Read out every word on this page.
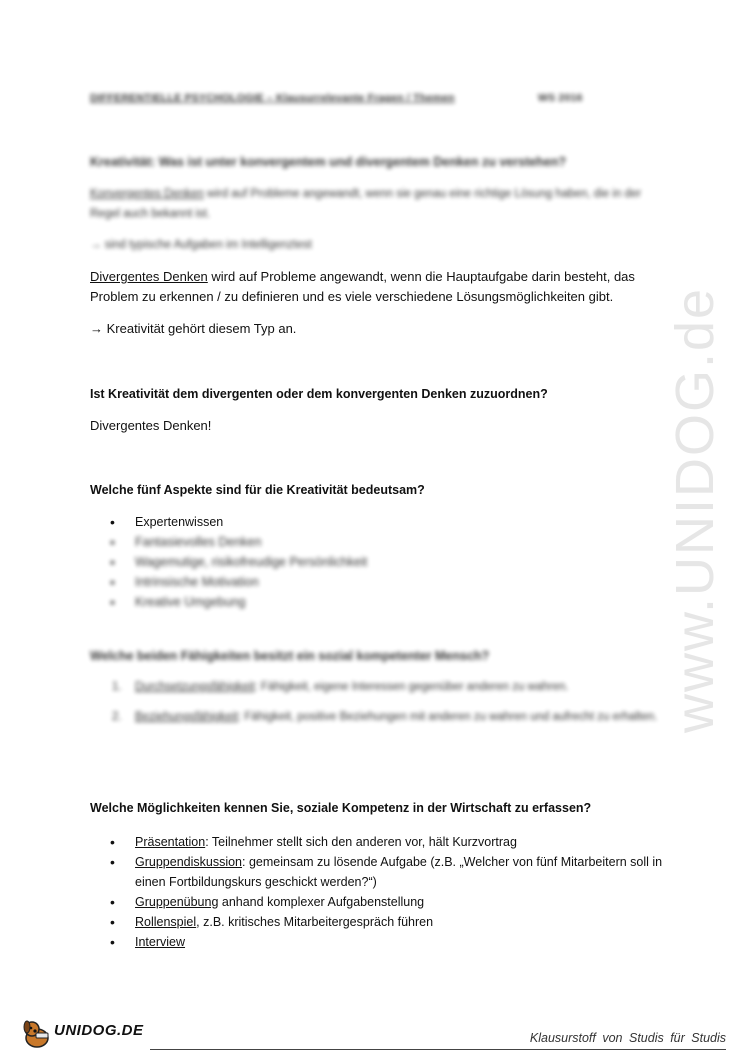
www.UNIDOG.de
DIFFERENTIELLE PSYCHOLOGIE – Klausurrelevante Fragen / Themen	WS 2016
Kreativität: Was ist unter konvergentem und divergentem Denken zu verstehen?
Konvergentes Denken wird auf Probleme angewandt, wenn sie genau eine richtige Lösung haben, die in der Regel auch bekannt ist.
→ sind typische Aufgaben im Intelligenztest
Divergentes Denken wird auf Probleme angewandt, wenn die Hauptaufgabe darin besteht, das Problem zu erkennen / zu definieren und es viele verschiedene Lösungsmöglichkeiten gibt.
→ Kreativität gehört diesem Typ an.
Ist Kreativität dem divergenten oder dem konvergenten Denken zuzuordnen?
Divergentes Denken!
Welche fünf Aspekte sind für die Kreativität bedeutsam?
• Expertenwissen
• Fantasievolles Denken
• Wagemutige, risikofreudige Persönlichkeit
• Intrinsische Motivation
• Kreative Umgebung
Welche beiden Fähigkeiten besitzt ein sozial kompetenter Mensch?
1. Durchsetzungsfähigkeit: Fähigkeit, eigene Interessen gegenüber anderen zu wahren.
2. Beziehungsfähigkeit: Fähigkeit, positive Beziehungen mit anderen zu wahren und aufrecht zu erhalten.
Welche Möglichkeiten kennen Sie, soziale Kompetenz in der Wirtschaft zu erfassen?
• Präsentation: Teilnehmer stellt sich den anderen vor, hält Kurzvortrag
• Gruppendiskussion: gemeinsam zu lösende Aufgabe (z.B. „Welcher von fünf Mitarbeitern soll in einen Fortbildungskurs geschickt werden?“)
• Gruppenübung anhand komplexer Aufgabenstellung
• Rollenspiel, z.B. kritisches Mitarbeitergespräch führen
• Interview
UNIDOG.DE	Klausurstoff von Studis für Studis
